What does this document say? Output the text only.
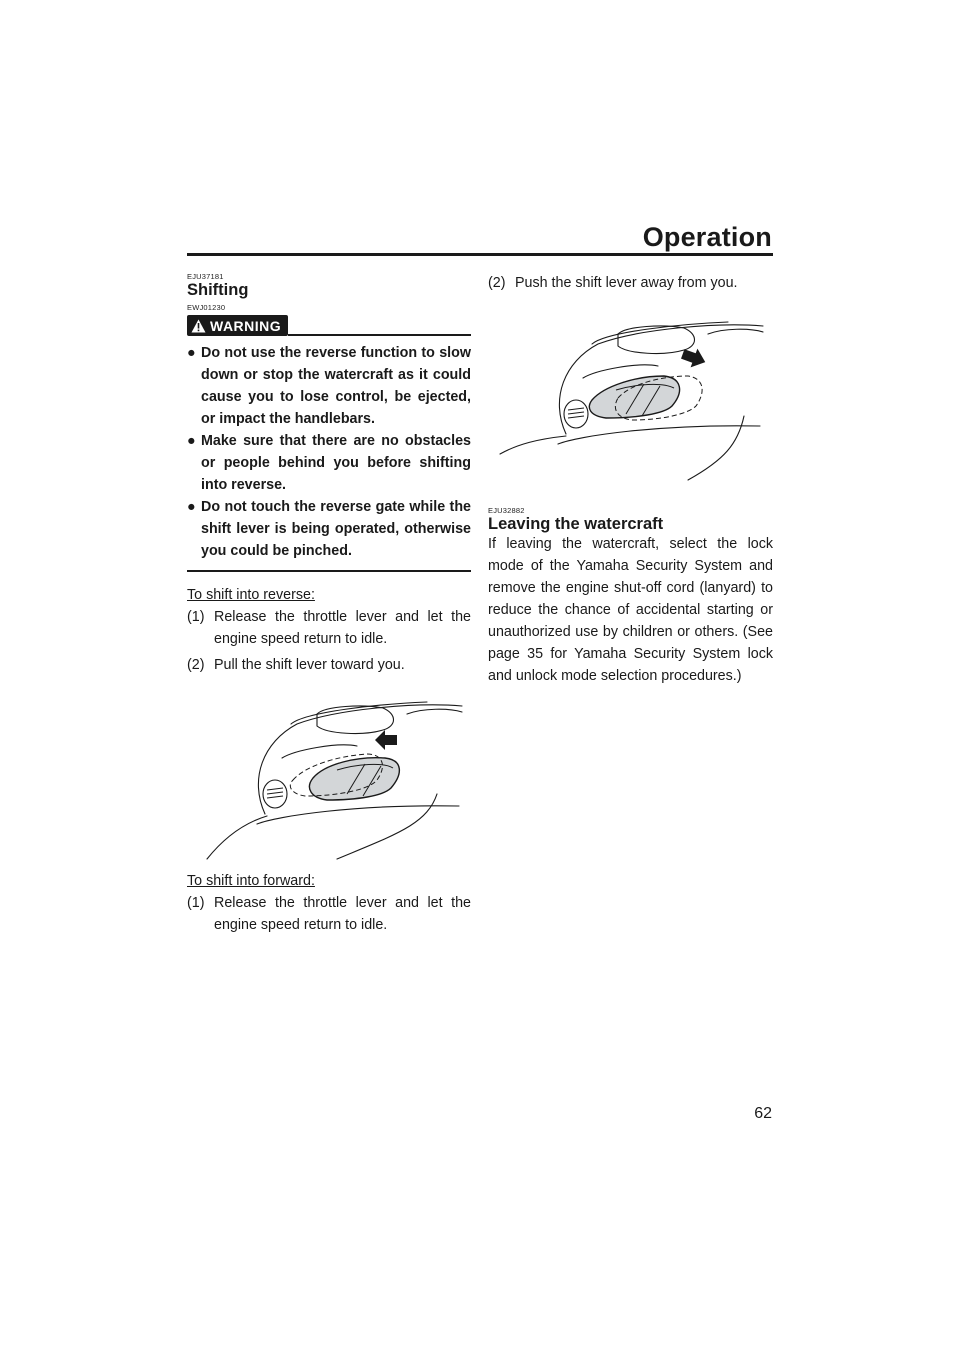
Operation
EJU37181
Shifting
EWJ01230
WARNING
● Do not use the reverse function to slow down or stop the watercraft as it could cause you to lose control, be ejected, or impact the handlebars.
● Make sure that there are no obstacles or people behind you before shifting into reverse.
● Do not touch the reverse gate while the shift lever is being operated, otherwise you could be pinched.
To shift into reverse:
(1) Release the throttle lever and let the engine speed return to idle.
(2) Pull the shift lever toward you.
To shift into forward:
(1) Release the throttle lever and let the engine speed return to idle.
(2) Push the shift lever away from you.
EJU32882
Leaving the watercraft

If leaving the watercraft, select the lock mode of the Yamaha Security System and remove the engine shut-off cord (lanyard) to reduce the chance of accidental starting or unauthorized use by children or others. (See page 35 for Yamaha Security System lock and unlock mode selection procedures.)

62
